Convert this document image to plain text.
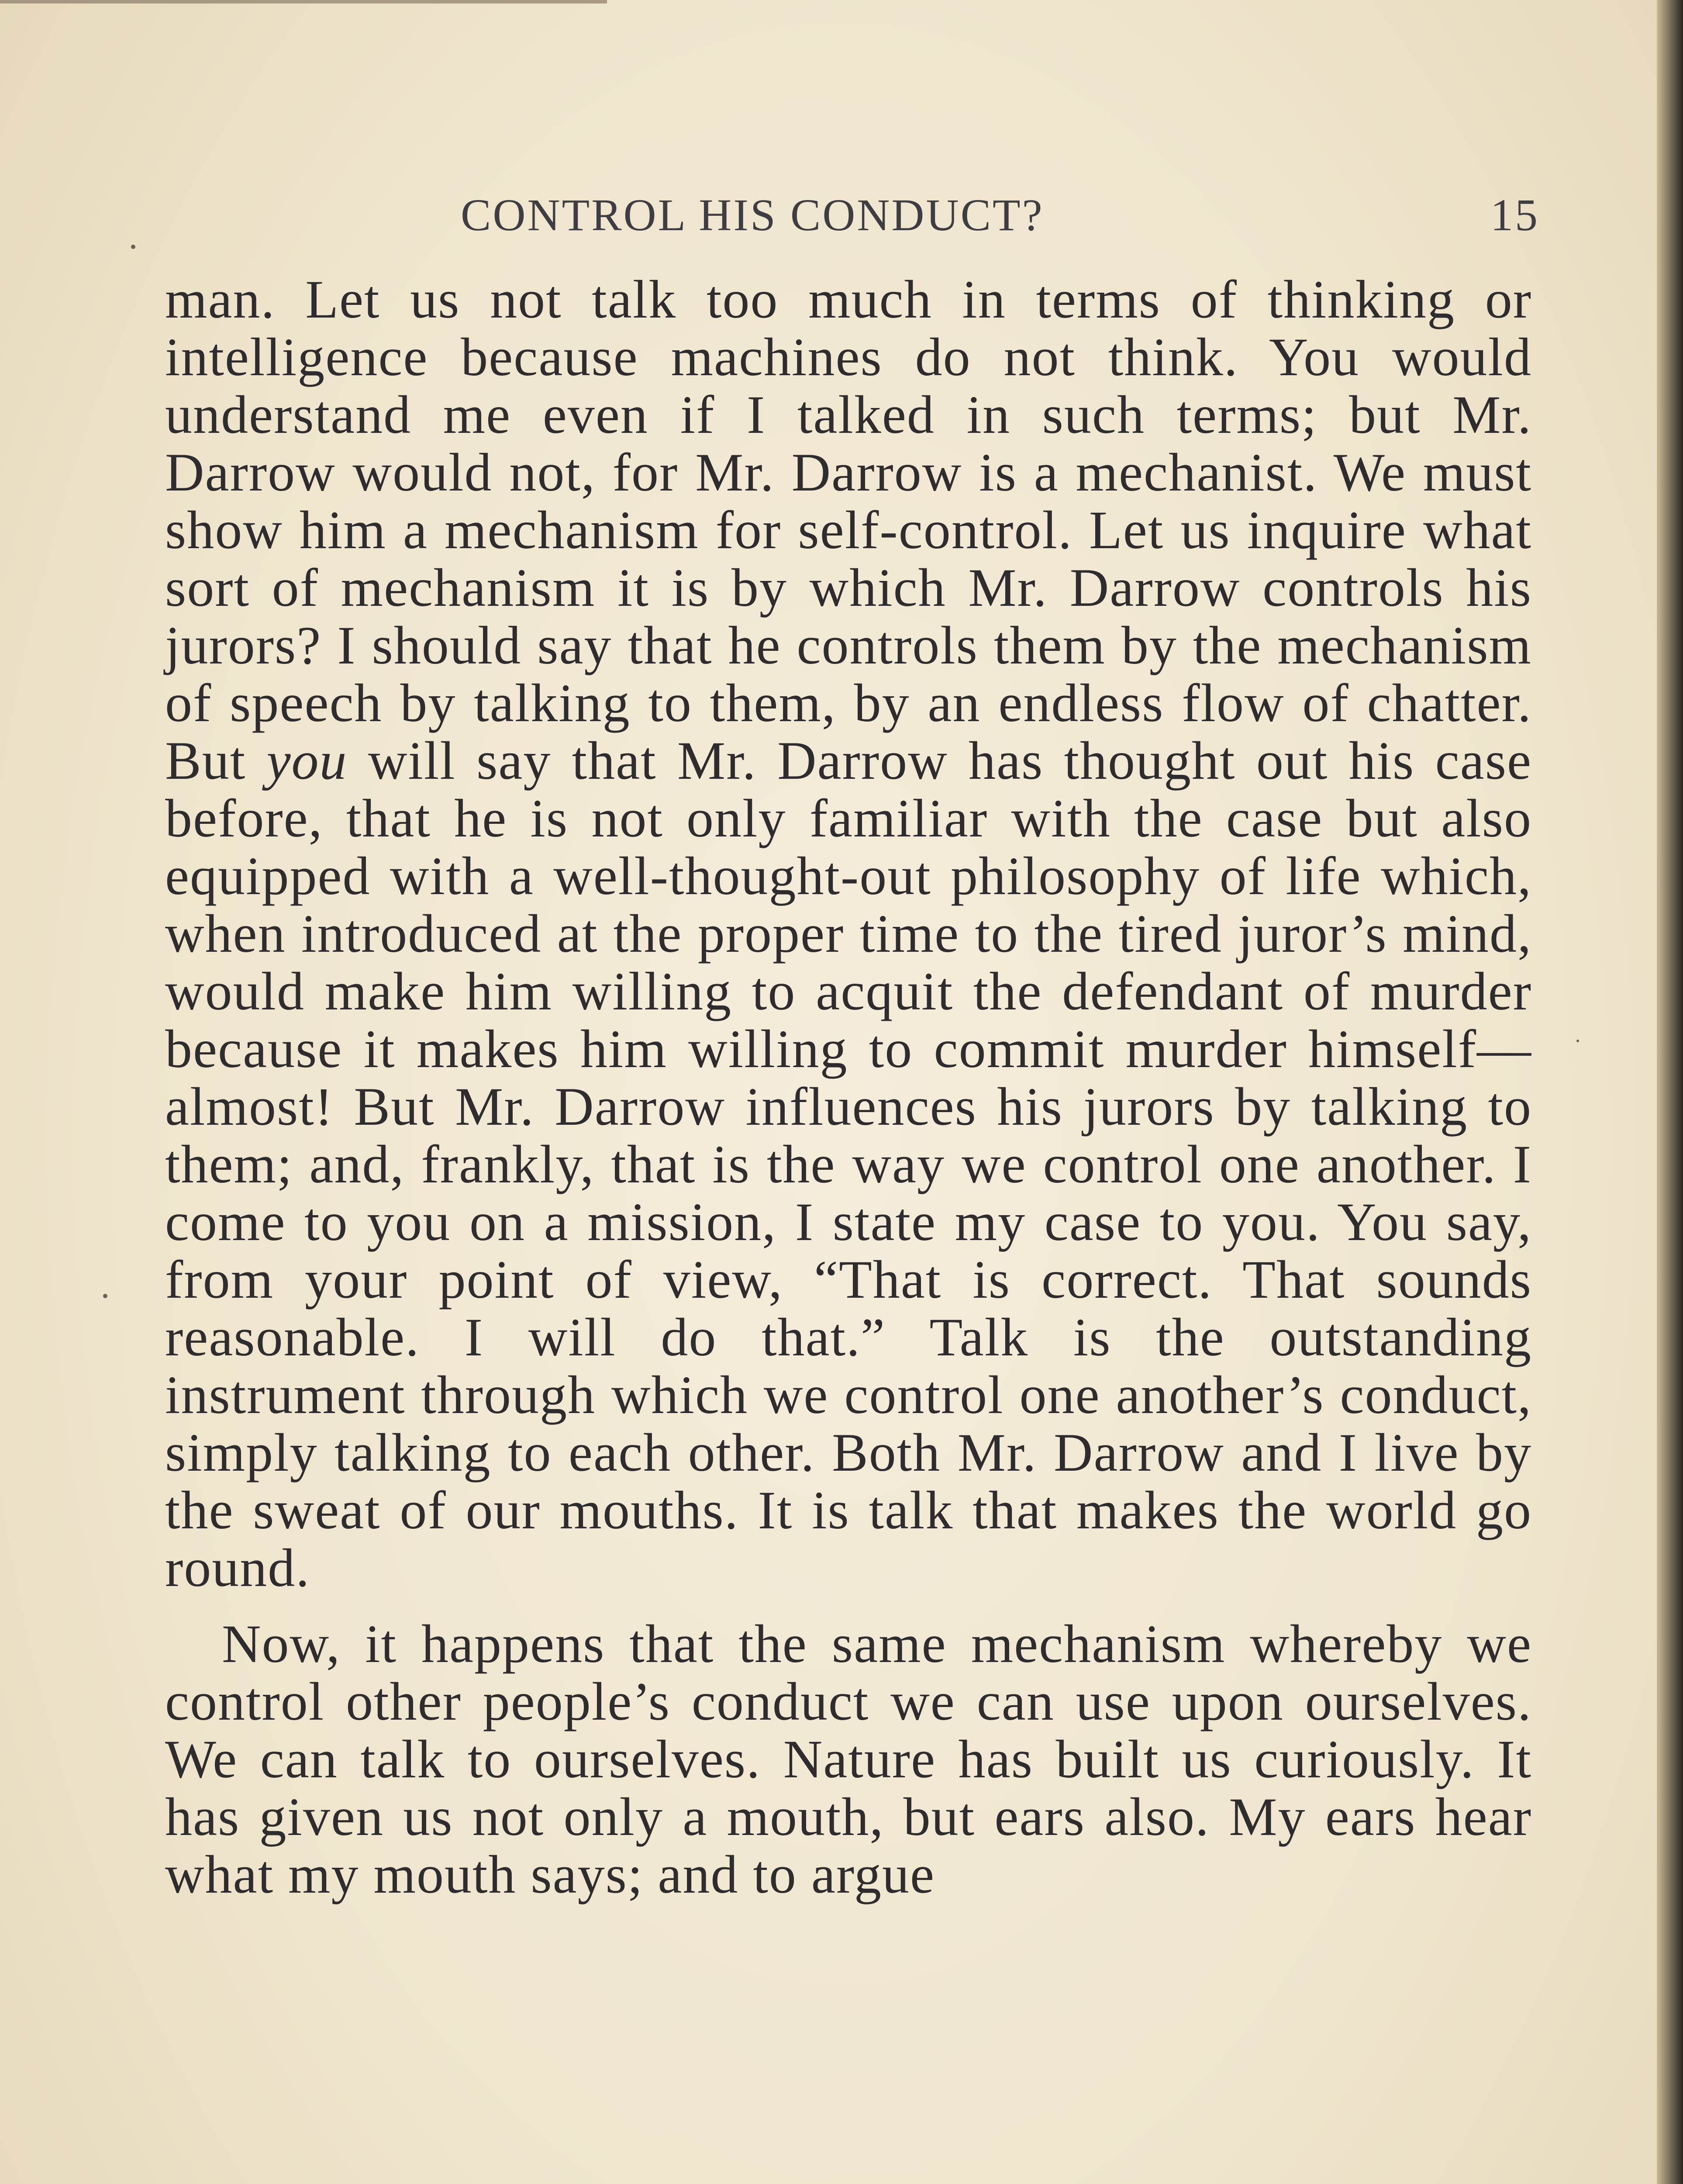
CONTROL HIS CONDUCT?	15

man. Let us not talk too much in terms of thinking or intelligence because machines do not think. You would understand me even if I talked in such terms; but Mr. Darrow would not, for Mr. Darrow is a mechanist. We must show him a mechanism for self-control. Let us inquire what sort of mechanism it is by which Mr. Darrow controls his jurors? I should say that he controls them by the mechanism of speech by talking to them, by an endless flow of chatter. But you will say that Mr. Darrow has thought out his case before, that he is not only familiar with the case but also equipped with a well-thought-out philosophy of life which, when introduced at the proper time to the tired juror’s mind, would make him willing to acquit the defendant of murder because it makes him willing to commit murder himself—almost! But Mr. Darrow influences his jurors by talking to them; and, frankly, that is the way we control one another. I come to you on a mission, I state my case to you. You say, from your point of view, “That is correct. That sounds reasonable. I will do that.” Talk is the outstanding instrument through which we control one another’s conduct, simply talking to each other. Both Mr. Darrow and I live by the sweat of our mouths. It is talk that makes the world go round.

Now, it happens that the same mechanism whereby we control other people’s conduct we can use upon ourselves. We can talk to ourselves. Nature has built us curiously. It has given us not only a mouth, but ears also. My ears hear what my mouth says; and to argue
